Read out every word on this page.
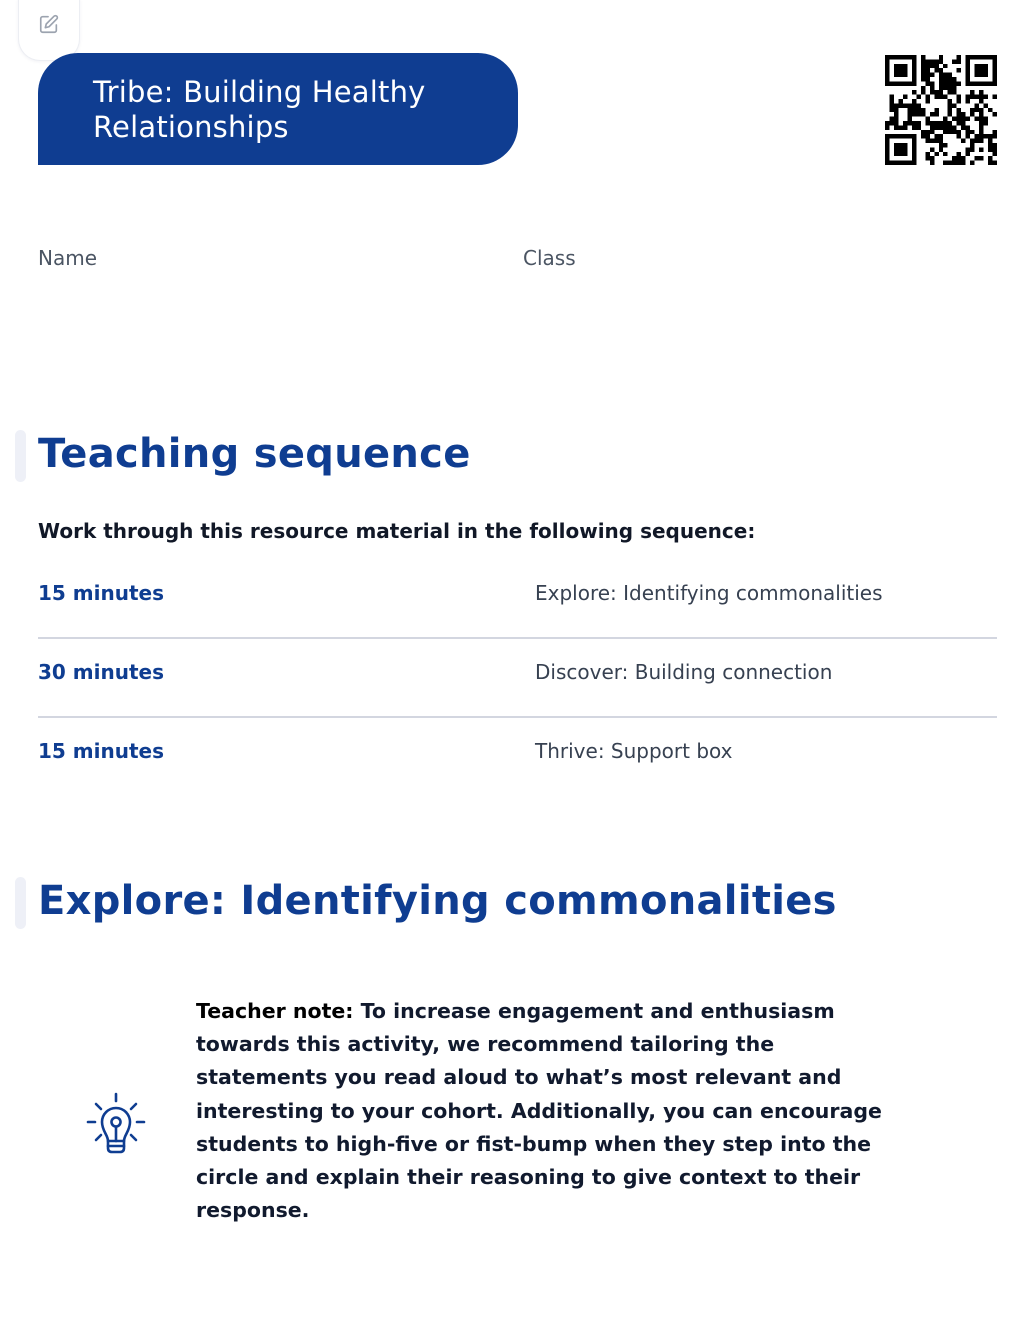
Tribe: Building Healthy Relationships
Name	Class
Teaching sequence

Work through this resource material in the following sequence:

15 minutes	Explore: Identifying commonalities
30 minutes	Discover: Building connection
15 minutes	Thrive: Support box
Explore: Identifying commonalities

Teacher note: To increase engagement and enthusiasm towards this activity, we recommend tailoring the statements you read aloud to what’s most relevant and interesting to your cohort. Additionally, you can encourage students to high-five or fist-bump when they step into the circle and explain their reasoning to give context to their response.
